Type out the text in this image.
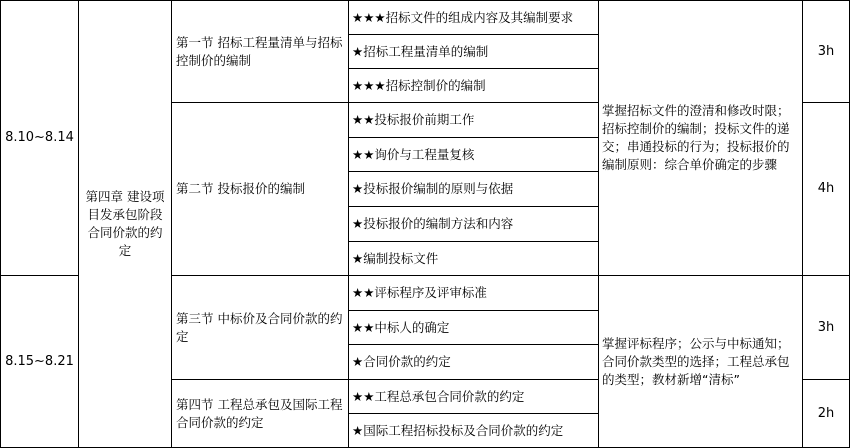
8.10~8.14	第四章 建设项目发承包阶段合同价款的约定	第一节 招标工程量清单与招标控制价的编制	★★★招标文件的组成内容及其编制要求	掌握招标文件的澄清和修改时限；招标控制价的编制；投标文件的递交；串通投标的行为；投标报价的编制原则：综合单价确定的步骤	3h
			★招标工程量清单的编制		
			★★★招标控制价的编制		
		第二节 投标报价的编制	★★投标报价前期工作		4h
			★★询价与工程量复核		
			★投标报价编制的原则与依据		
			★投标报价的编制方法和内容		
			★编制投标文件		
8.15~8.21		第三节 中标价及合同价款的约定	★★评标程序及评审标准	掌握评标程序；公示与中标通知；合同价款类型的选择；工程总承包的类型；教材新增“清标”	3h
			★★中标人的确定		
			★合同价款的约定		
		第四节 工程总承包及国际工程合同价款的约定	★★工程总承包合同价款的约定		2h
			★国际工程招标投标及合同价款的约定		
